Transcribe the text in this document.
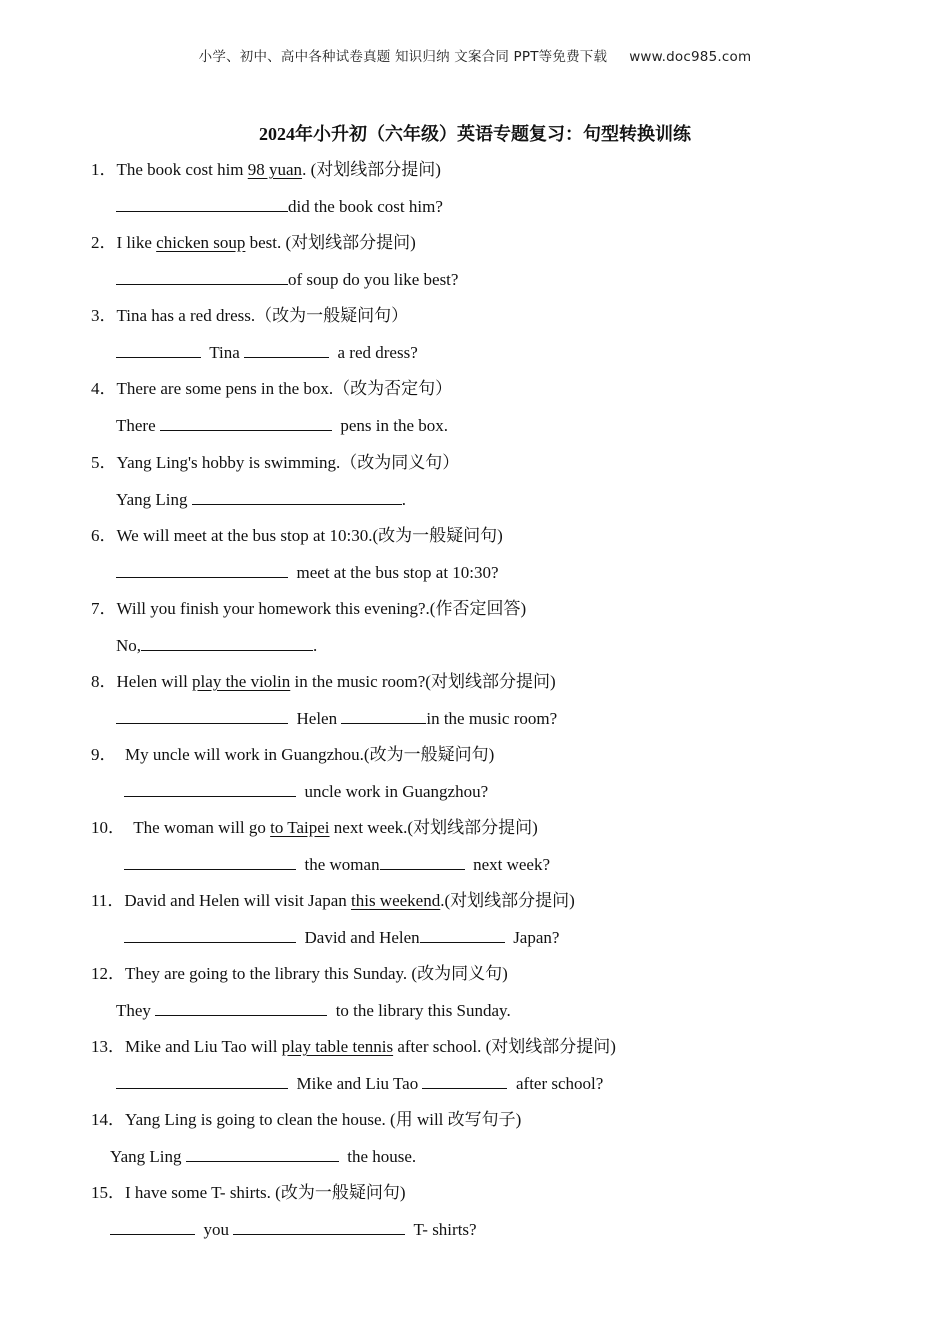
小学、初中、高中各种试卷真题 知识归纳 文案合同 PPT等免费下载 www.doc985.com
2024年小升初（六年级）英语专题复习：句型转换训练
1．The book cost him 98 yuan. (对划线部分提问)
did the book cost him?
2．I like chicken soup best. (对划线部分提问)
of soup do you like best?
3．Tina has a red dress.（改为一般疑问句）
Tina	a red dress?
4．There are some pens in the box.（改为否定句）
There	pens in the box.
5．Yang Ling's hobby is swimming.（改为同义句）
Yang Ling	.
6．We will meet at the bus stop at 10:30.(改为一般疑问句)
meet at the bus stop at 10:30?
7．Will you finish your homework this evening?.(作否定回答)
No,	.
8．Helen will play the violin in the music room?(对划线部分提问)
Helen	in the music room?
9． My uncle will work in Guangzhou.(改为一般疑问句)
uncle work in Guangzhou?
10． The woman will go to Taipei next week.(对划线部分提问)
the woman	next week?
11．David and Helen will visit Japan this weekend.(对划线部分提问)
David and Helen	Japan?
12．They are going to the library this Sunday. (改为同义句)
They	to the library this Sunday.
13．Mike and Liu Tao will play table tennis after school. (对划线部分提问)
Mike and Liu Tao	after school?
14．Yang Ling is going to clean the house. (用 will 改写句子)
Yang Ling	the house.
15．I have some T- shirts. (改为一般疑问句)
you	T- shirts?
